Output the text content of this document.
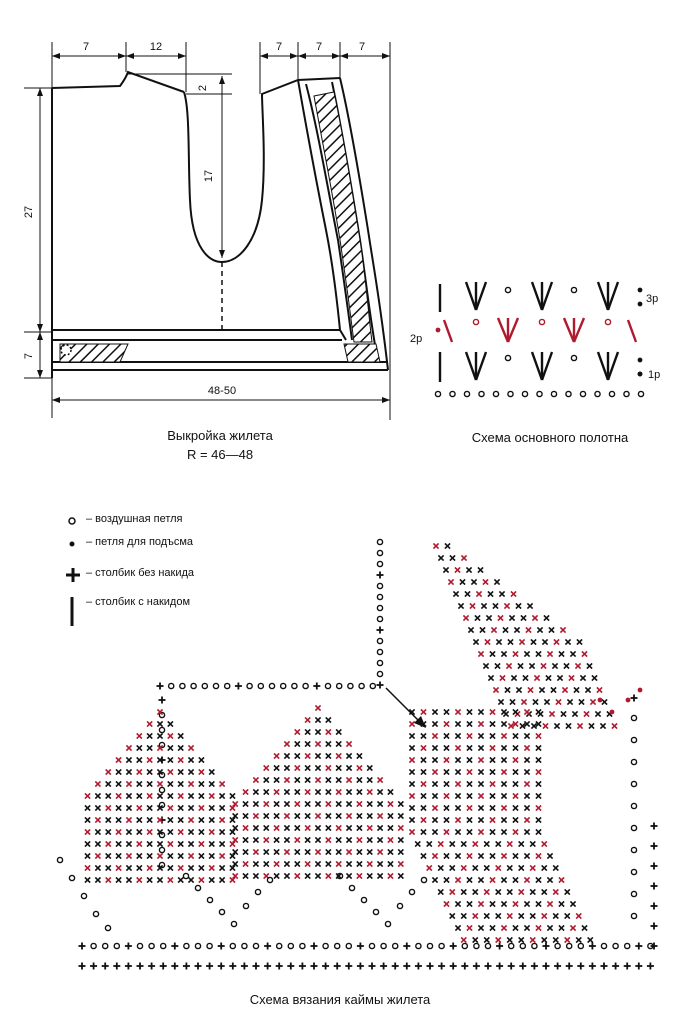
7	12
2
17
27
7
7	7	7
48-50
3р
2р
1р
Выкройка жилета
R = 46—48
Схема основного полотна
– воздушная петля
– петля для подъсма
– столбик без накида
– столбик с накидом
Схема вязания каймы жилета
